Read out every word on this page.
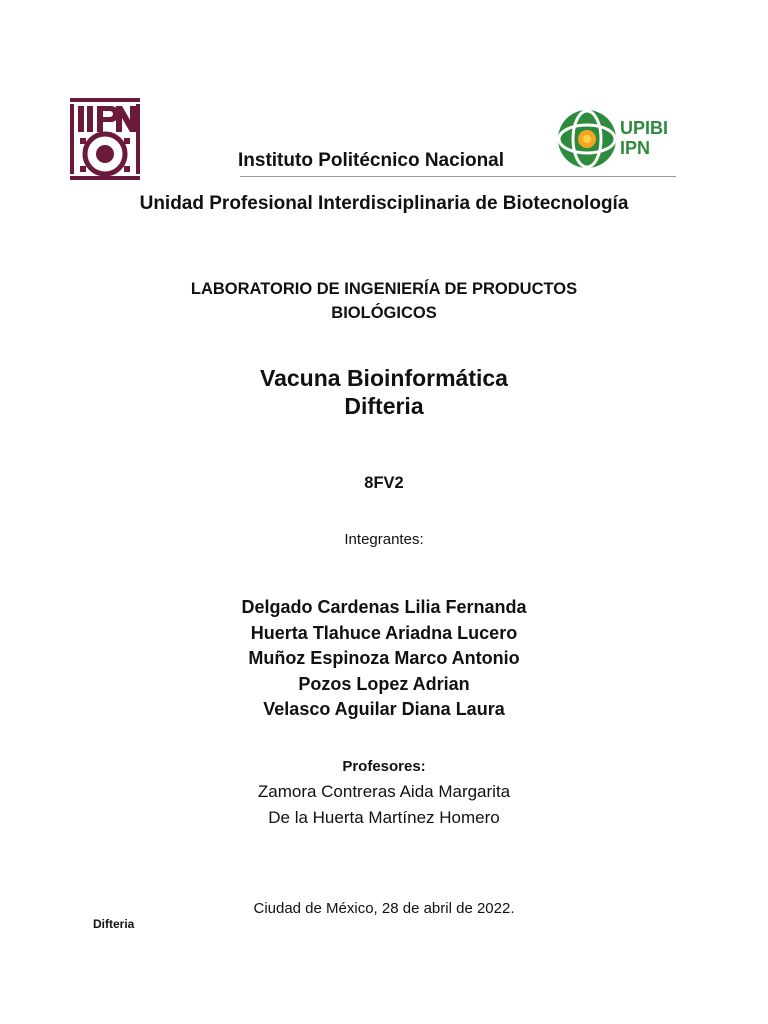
UPIBI
IPN
Instituto Politécnico Nacional
Unidad Profesional Interdisciplinaria de Biotecnología
LABORATORIO DE INGENIERÍA DE PRODUCTOS
BIOLÓGICOS
Vacuna Bioinformática
Difteria
8FV2
Integrantes:
Delgado Cardenas Lilia Fernanda
Huerta Tlahuce Ariadna Lucero
Muñoz Espinoza Marco Antonio
Pozos Lopez Adrian
Velasco Aguilar Diana Laura
Profesores:
Zamora Contreras Aida Margarita
De la Huerta Martínez Homero
Ciudad de México, 28 de abril de 2022.
Difteria
